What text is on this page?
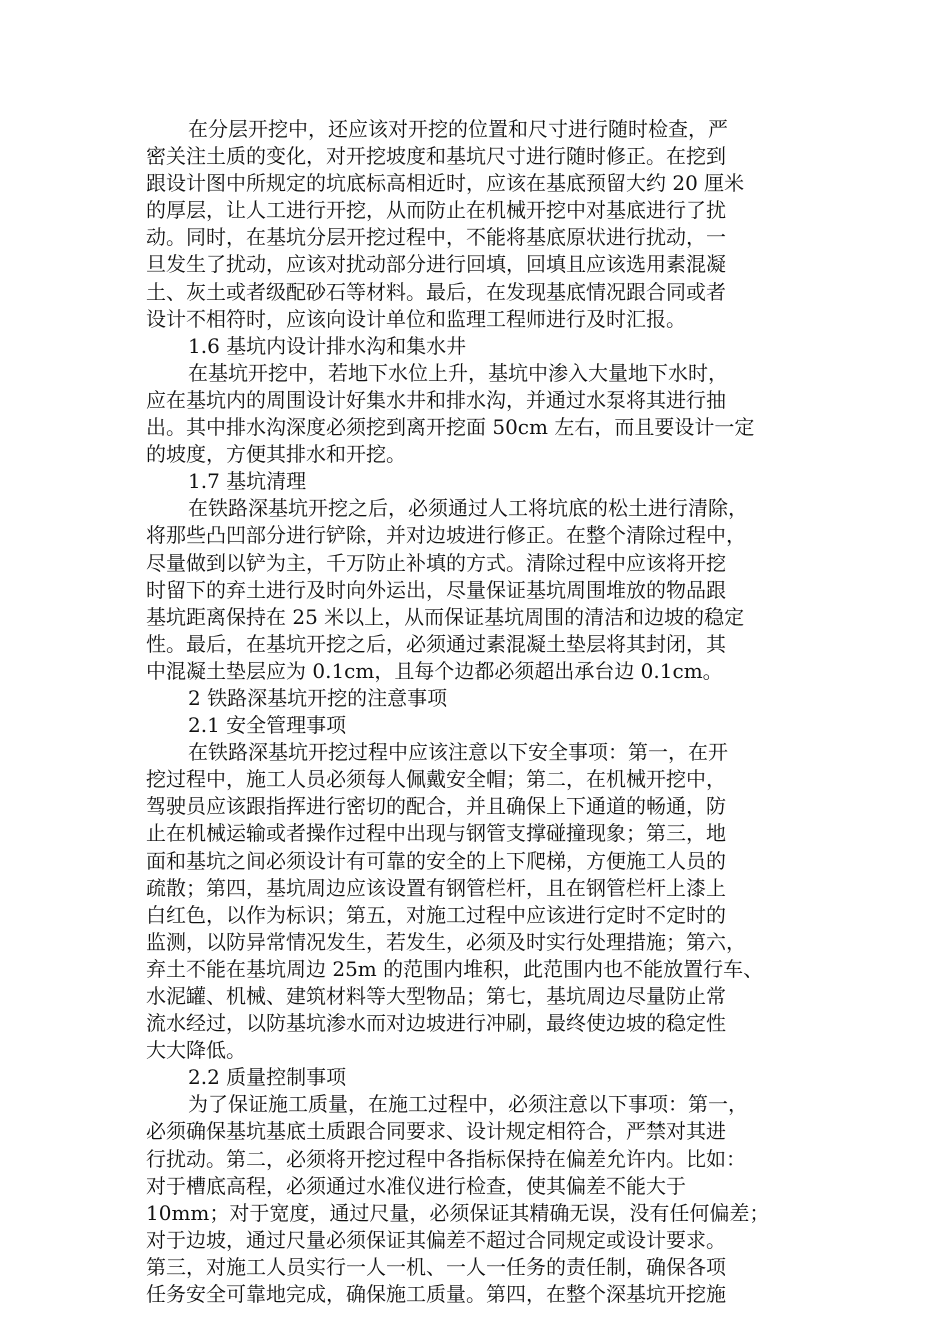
在分层开挖中，还应该对开挖的位置和尺寸进行随时检查，严
密关注土质的变化，对开挖坡度和基坑尺寸进行随时修正。在挖到
跟设计图中所规定的坑底标高相近时，应该在基底预留大约 20 厘米
的厚层，让人工进行开挖，从而防止在机械开挖中对基底进行了扰
动。同时，在基坑分层开挖过程中，不能将基底原状进行扰动，一
旦发生了扰动，应该对扰动部分进行回填，回填且应该选用素混凝
土、灰土或者级配砂石等材料。最后，在发现基底情况跟合同或者
设计不相符时，应该向设计单位和监理工程师进行及时汇报。
1.6 基坑内设计排水沟和集水井
在基坑开挖中，若地下水位上升，基坑中渗入大量地下水时，
应在基坑内的周围设计好集水井和排水沟，并通过水泵将其进行抽
出。其中排水沟深度必须挖到离开挖面 50cm 左右，而且要设计一定
的坡度，方便其排水和开挖。
1.7 基坑清理
在铁路深基坑开挖之后，必须通过人工将坑底的松土进行清除，
将那些凸凹部分进行铲除，并对边坡进行修正。在整个清除过程中，
尽量做到以铲为主，千万防止补填的方式。清除过程中应该将开挖
时留下的弃土进行及时向外运出，尽量保证基坑周围堆放的物品跟
基坑距离保持在 25 米以上，从而保证基坑周围的清洁和边坡的稳定
性。最后，在基坑开挖之后，必须通过素混凝土垫层将其封闭，其
中混凝土垫层应为 0.1cm，且每个边都必须超出承台边 0.1cm。
2 铁路深基坑开挖的注意事项
2.1 安全管理事项
在铁路深基坑开挖过程中应该注意以下安全事项：第一，在开
挖过程中，施工人员必须每人佩戴安全帽；第二，在机械开挖中，
驾驶员应该跟指挥进行密切的配合，并且确保上下通道的畅通，防
止在机械运输或者操作过程中出现与钢管支撑碰撞现象；第三，地
面和基坑之间必须设计有可靠的安全的上下爬梯，方便施工人员的
疏散；第四，基坑周边应该设置有钢管栏杆，且在钢管栏杆上漆上
白红色，以作为标识；第五，对施工过程中应该进行定时不定时的
监测，以防异常情况发生，若发生，必须及时实行处理措施；第六，
弃土不能在基坑周边 25m 的范围内堆积，此范围内也不能放置行车、
水泥罐、机械、建筑材料等大型物品；第七，基坑周边尽量防止常
流水经过，以防基坑渗水而对边坡进行冲刷，最终使边坡的稳定性
大大降低。
2.2 质量控制事项
为了保证施工质量，在施工过程中，必须注意以下事项：第一，
必须确保基坑基底土质跟合同要求、设计规定相符合，严禁对其进
行扰动。第二，必须将开挖过程中各指标保持在偏差允许内。比如：
对于槽底高程，必须通过水准仪进行检查，使其偏差不能大于
10mm；对于宽度，通过尺量，必须保证其精确无误，没有任何偏差；
对于边坡，通过尺量必须保证其偏差不超过合同规定或设计要求。
第三，对施工人员实行一人一机、一人一任务的责任制，确保各项
任务安全可靠地完成，确保施工质量。第四，在整个深基坑开挖施
